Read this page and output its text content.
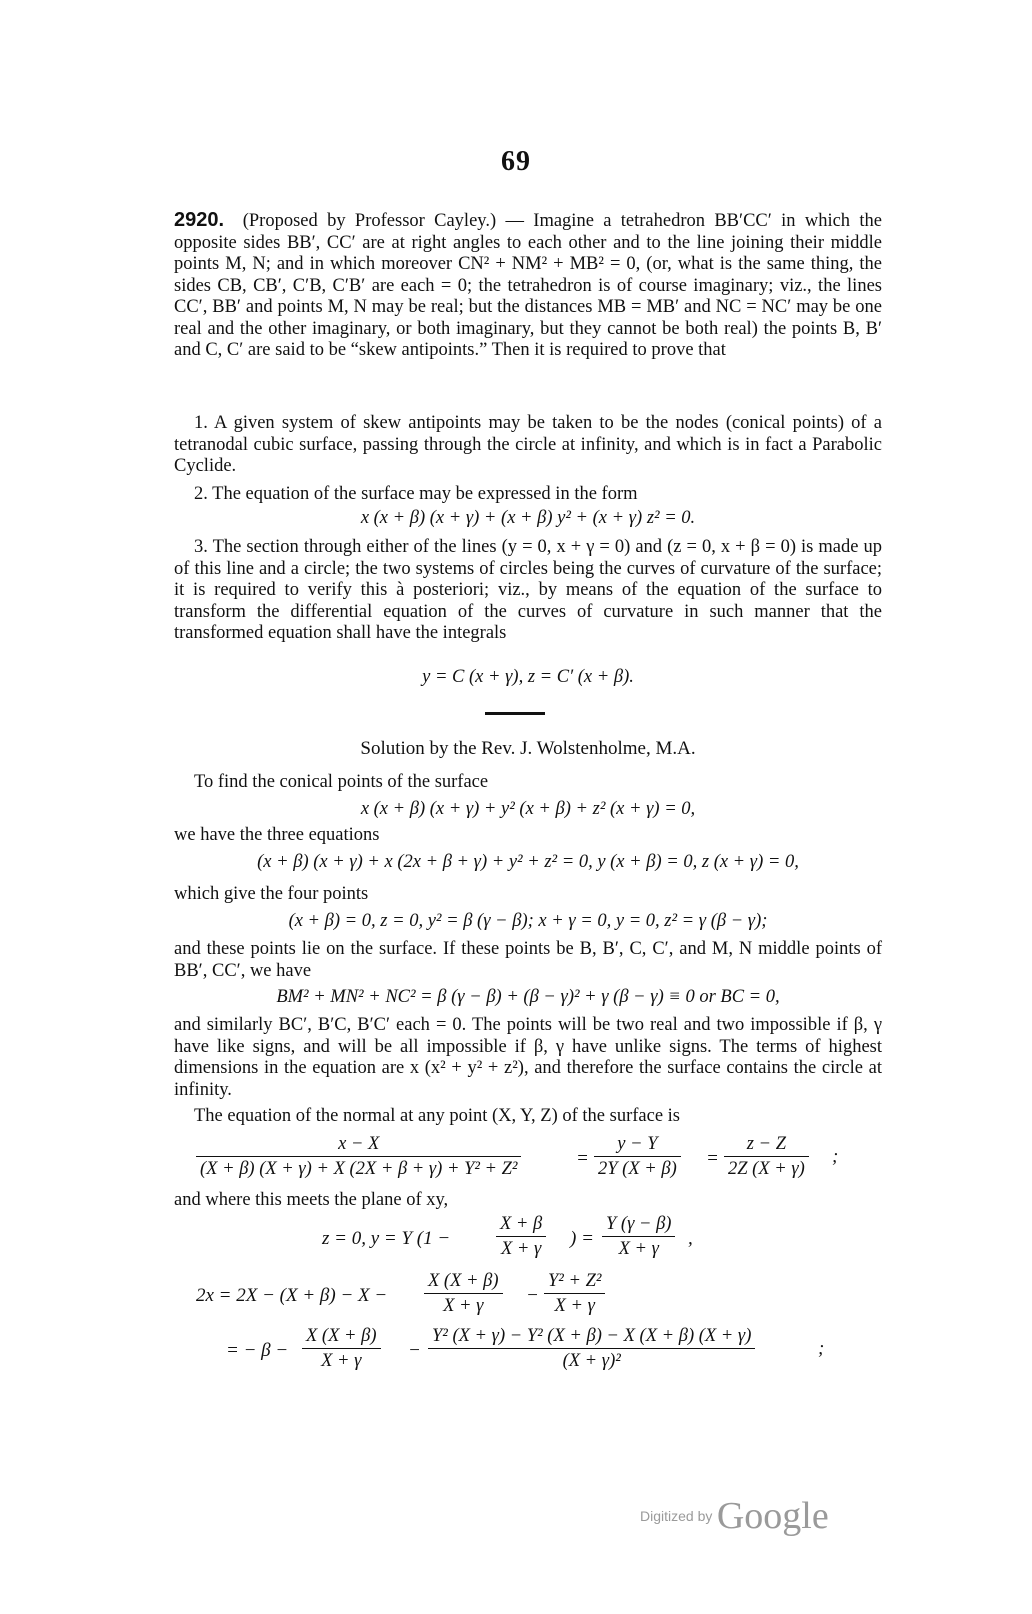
69

2920. (Proposed by Professor Cayley.) — Imagine a tetrahedron BB′CC′ in which the opposite sides BB′, CC′ are at right angles to each other and to the line joining their middle points M, N; and in which moreover CN² + NM² + MB² = 0, (or, what is the same thing, the sides CB, CB′, C′B, C′B′ are each = 0; the tetrahedron is of course imaginary; viz., the lines CC′, BB′ and points M, N may be real; but the distances MB = MB′ and NC = NC′ may be one real and the other imaginary, or both imaginary, but they cannot be both real) the points B, B′ and C, C′ are said to be “skew antipoints.” Then it is required to prove that

1. A given system of skew antipoints may be taken to be the nodes (conical points) of a tetranodal cubic surface, passing through the circle at infinity, and which is in fact a Parabolic Cyclide.

2. The equation of the surface may be expressed in the form

x (x + β) (x + γ) + (x + β) y² + (x + γ) z² = 0.

3. The section through either of the lines (y = 0, x + γ = 0) and (z = 0, x + β = 0) is made up of this line and a circle; the two systems of circles being the curves of curvature of the surface; it is required to verify this à posteriori; viz., by means of the equation of the surface to transform the differential equation of the curves of curvature in such manner that the transformed equation shall have the integrals

y = C (x + γ), z = C′ (x + β).
Solution by the Rev. J. Wolstenholme, M.A.

To find the conical points of the surface

x (x + β) (x + γ) + y² (x + β) + z² (x + γ) = 0,

we have the three equations

(x + β) (x + γ) + x (2x + β + γ) + y² + z² = 0, y (x + β) = 0, z (x + γ) = 0,

which give the four points

(x + β) = 0, z = 0, y² = β (γ − β); x + γ = 0, y = 0, z² = γ (β − γ);

and these points lie on the surface. If these points be B, B′, C, C′, and M, N middle points of BB′, CC′, we have

BM² + MN² + NC² = β (γ − β) + (β − γ)² + γ (β − γ) ≡ 0 or BC = 0,

and similarly BC′, B′C, B′C′ each = 0. The points will be two real and two impossible if β, γ have like signs, and will be all impossible if β, γ have unlike signs. The terms of highest dimensions in the equation are x (x² + y² + z²), and therefore the surface contains the circle at infinity.

The equation of the normal at any point (X, Y, Z) of the surface is

$\frac{x - X}{\text{(X + β) (X + γ) + X (2X + β + γ) + Y² + Z²}}$	= $\frac{y - Y}{2Y (X + \beta)} = \frac{z - Z}{2Z (X + \gamma)}$ ;

and where this meets the plane of xy,

z = 0, y = Y ($1 - \frac{X + \beta}{X + \gamma}$ ) = $\frac{Y (\gamma - \beta)}{X + \gamma}$ ,
$2x = 2X - (X + \beta) - X - \frac{X (X + \beta)}{X + \gamma} - \frac{\text{Y² + Z²}}{X + \gamma}$
= − $\beta - \frac{X (X + \beta)}{X + \gamma} - \frac{\text{Y² (X + γ) − Y² (X + β) − X (X + β) (X + γ)}}{\text{(X + γ)²}}$	;
Digitized by Google
